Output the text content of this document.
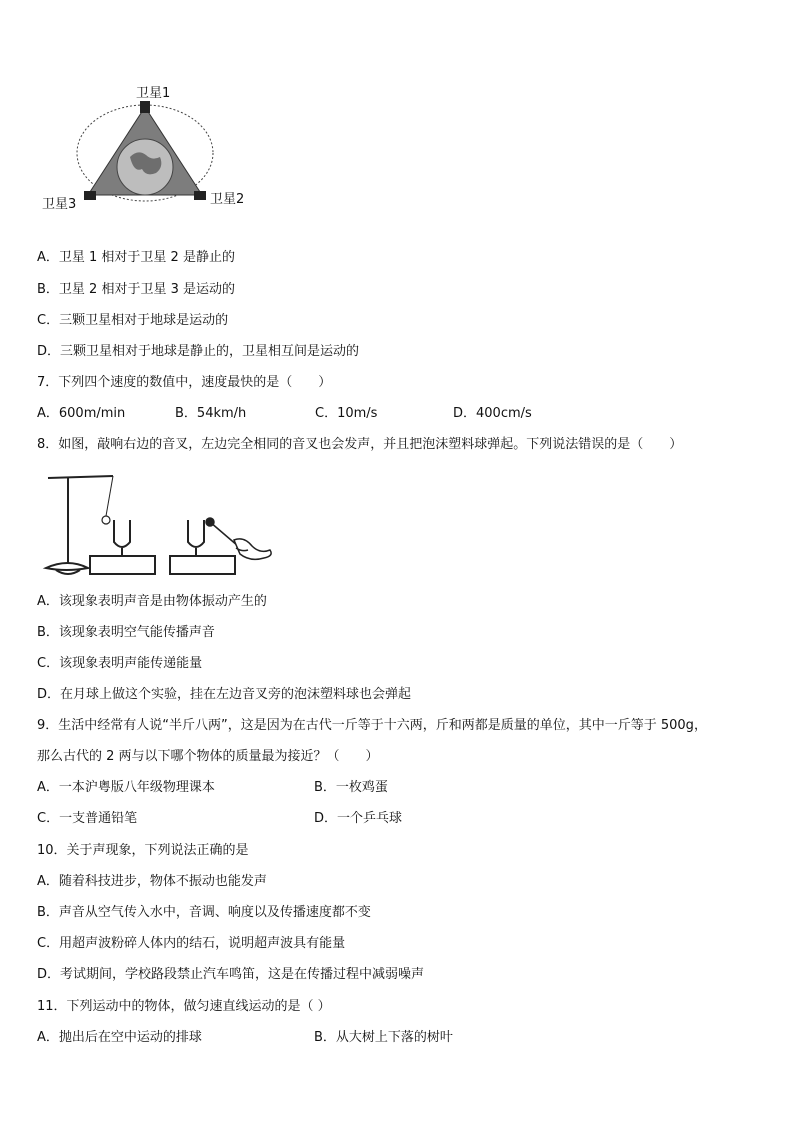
卫星1
卫星2
卫星3
A．卫星 1 相对于卫星 2 是静止的
B．卫星 2 相对于卫星 3 是运动的
C．三颗卫星相对于地球是运动的
D．三颗卫星相对于地球是静止的，卫星相互间是运动的
7．下列四个速度的数值中，速度最快的是（　　）
A．600m/min	B．54km/h	C．10m/s	D．400cm/s
8．如图，敲响右边的音叉，左边完全相同的音叉也会发声，并且把泡沫塑料球弹起。下列说法错误的是（　　）
A．该现象表明声音是由物体振动产生的
B．该现象表明空气能传播声音
C．该现象表明声能传递能量
D．在月球上做这个实验，挂在左边音叉旁的泡沫塑料球也会弹起
9．生活中经常有人说“半斤八两”，这是因为在古代一斤等于十六两，斤和两都是质量的单位，其中一斤等于 500g，
那么古代的 2 两与以下哪个物体的质量最为接近？（　　）
A．一本沪粤版八年级物理课本	B．一枚鸡蛋
C．一支普通铅笔	D．一个乒乓球
10．关于声现象，下列说法正确的是
A．随着科技进步，物体不振动也能发声
B．声音从空气传入水中，音调、响度以及传播速度都不变
C．用超声波粉碎人体内的结石，说明超声波具有能量
D．考试期间，学校路段禁止汽车鸣笛，这是在传播过程中减弱噪声
11．下列运动中的物体，做匀速直线运动的是（ ）
A．抛出后在空中运动的排球	B．从大树上下落的树叶
